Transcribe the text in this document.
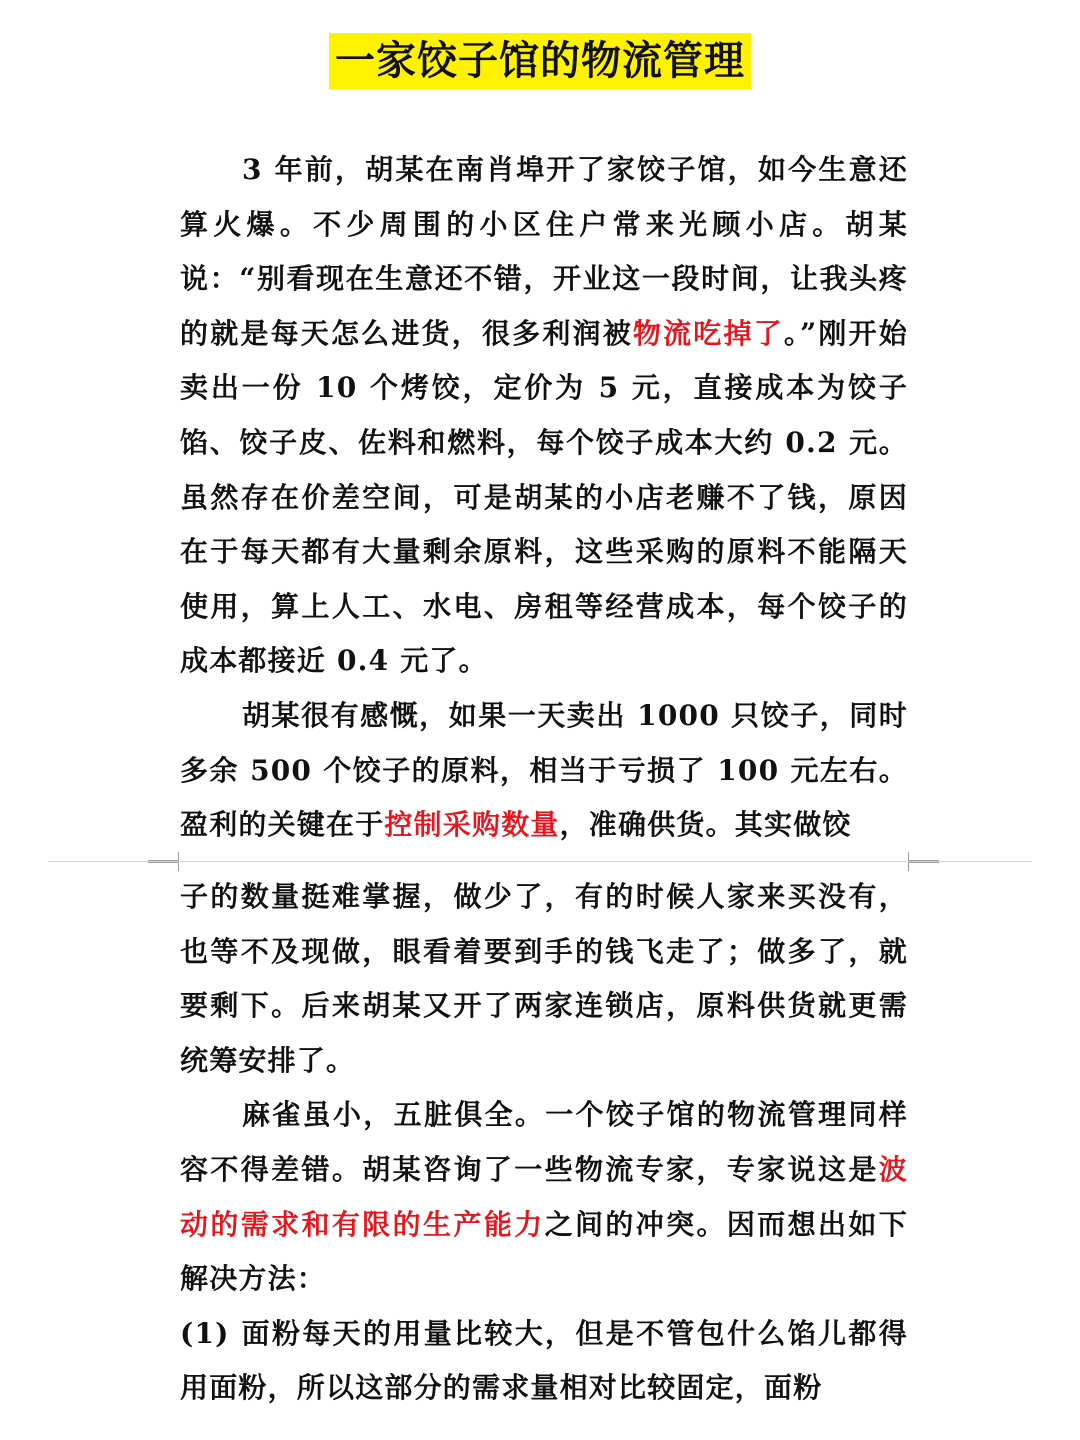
一家饺子馆的物流管理

3 年前，胡某在南肖埠开了家饺子馆，如今生意还算火爆。不少周围的小区住户常来光顾小店。胡某说：“别看现在生意还不错，开业这一段时间，让我头疼的就是每天怎么进货，很多利润被物流吃掉了。”刚开始卖出一份 10 个烤饺，定价为 5 元，直接成本为饺子馅、饺子皮、佐料和燃料，每个饺子成本大约 0.2 元。虽然存在价差空间，可是胡某的小店老赚不了钱，原因在于每天都有大量剩余原料，这些采购的原料不能隔天使用，算上人工、水电、房租等经营成本，每个饺子的成本都接近 0.4 元了。

胡某很有感慨，如果一天卖出 1000 只饺子，同时多余 500 个饺子的原料，相当于亏损了 100 元左右。盈利的关键在于控制采购数量，准确供货。其实做饺

子的数量挺难掌握，做少了，有的时候人家来买没有，也等不及现做，眼看着要到手的钱飞走了；做多了，就要剩下。后来胡某又开了两家连锁店，原料供货就更需统筹安排了。

麻雀虽小，五脏俱全。一个饺子馆的物流管理同样容不得差错。胡某咨询了一些物流专家，专家说这是波动的需求和有限的生产能力之间的冲突。因而想出如下解决方法：

(1) 面粉每天的用量比较大，但是不管包什么馅儿都得用面粉，所以这部分的需求量相对比较固定，面粉
